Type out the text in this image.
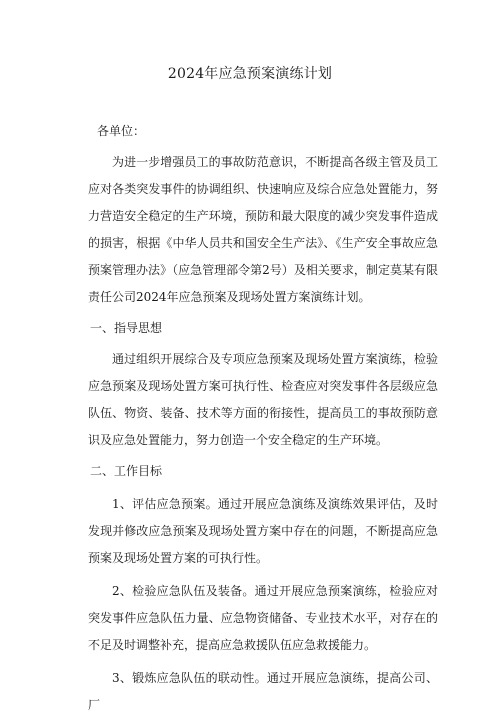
2024年应急预案演练计划

各单位：

为进一步增强员工的事故防范意识，不断提高各级主管及员工应对各类突发事件的协调组织、快速响应及综合应急处置能力，努力营造安全稳定的生产环境，预防和最大限度的减少突发事件造成的损害，根据《中华人员共和国安全生产法》、《生产安全事故应急预案管理办法》（应急管理部令第2号）及相关要求，制定莫某有限责任公司2024年应急预案及现场处置方案演练计划。

一、指导思想

通过组织开展综合及专项应急预案及现场处置方案演练，检验应急预案及现场处置方案可执行性、检查应对突发事件各层级应急队伍、物资、装备、技术等方面的衔接性，提高员工的事故预防意识及应急处置能力，努力创造一个安全稳定的生产环境。

二、工作目标

1、评估应急预案。通过开展应急演练及演练效果评估，及时发现并修改应急预案及现场处置方案中存在的问题，不断提高应急预案及现场处置方案的可执行性。

2、检验应急队伍及装备。通过开展应急预案演练，检验应对突发事件应急队伍力量、应急物资储备、专业技术水平，对存在的不足及时调整补充，提高应急救援队伍应急救援能力。

3、锻炼应急队伍的联动性。通过开展应急演练，提高公司、厂
